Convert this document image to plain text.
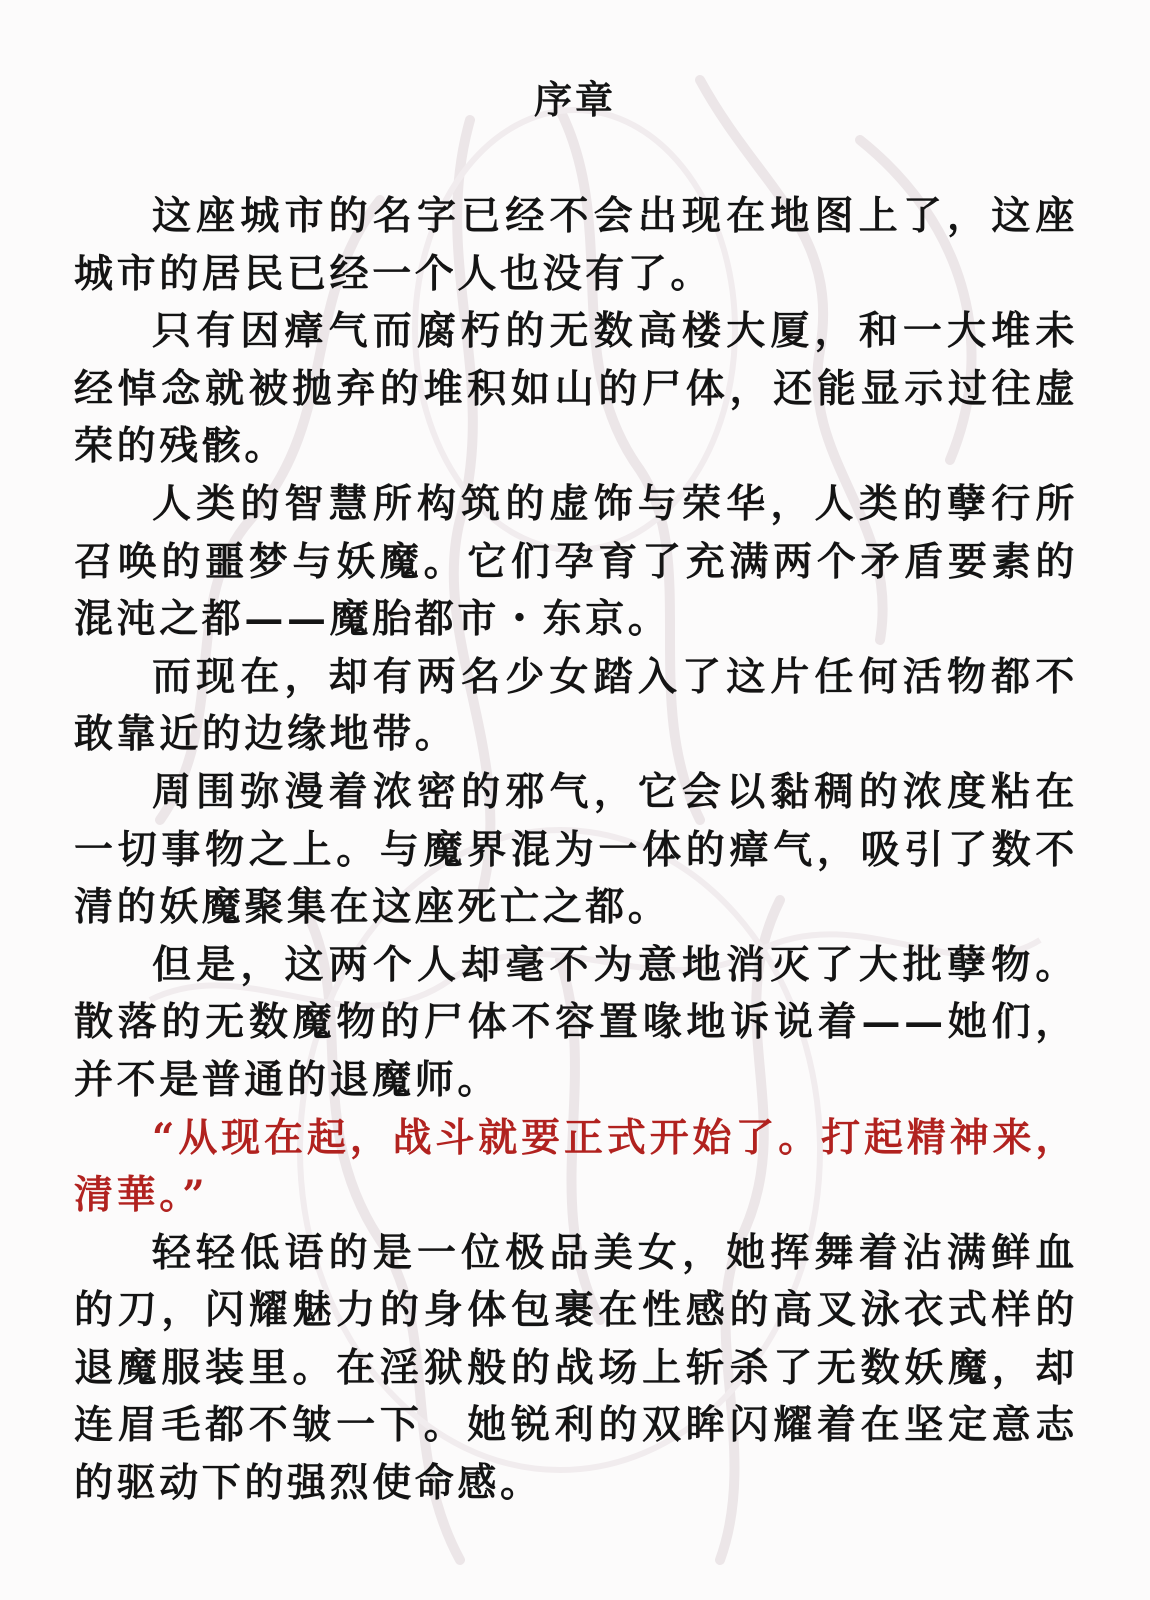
序章

这座城市的名字已经不会出现在地图上了，这座城市的居民已经一个人也没有了。

只有因瘴气而腐朽的无数高楼大厦，和一大堆未经悼念就被抛弃的堆积如山的尸体，还能显示过往虚荣的残骸。

人类的智慧所构筑的虚饰与荣华，人类的孽行所召唤的噩梦与妖魔。它们孕育了充满两个矛盾要素的混沌之都——魔胎都市・东京。

而现在，却有两名少女踏入了这片任何活物都不敢靠近的边缘地带。

周围弥漫着浓密的邪气，它会以黏稠的浓度粘在一切事物之上。与魔界混为一体的瘴气，吸引了数不清的妖魔聚集在这座死亡之都。

但是，这两个人却毫不为意地消灭了大批孽物。散落的无数魔物的尸体不容置喙地诉说着——她们，并不是普通的退魔师。

“从现在起，战斗就要正式开始了。打起精神来，清華。”

轻轻低语的是一位极品美女，她挥舞着沾满鲜血的刀，闪耀魅力的身体包裹在性感的高叉泳衣式样的退魔服装里。在淫狱般的战场上斩杀了无数妖魔，却连眉毛都不皱一下。她锐利的双眸闪耀着在坚定意志的驱动下的强烈使命感。
